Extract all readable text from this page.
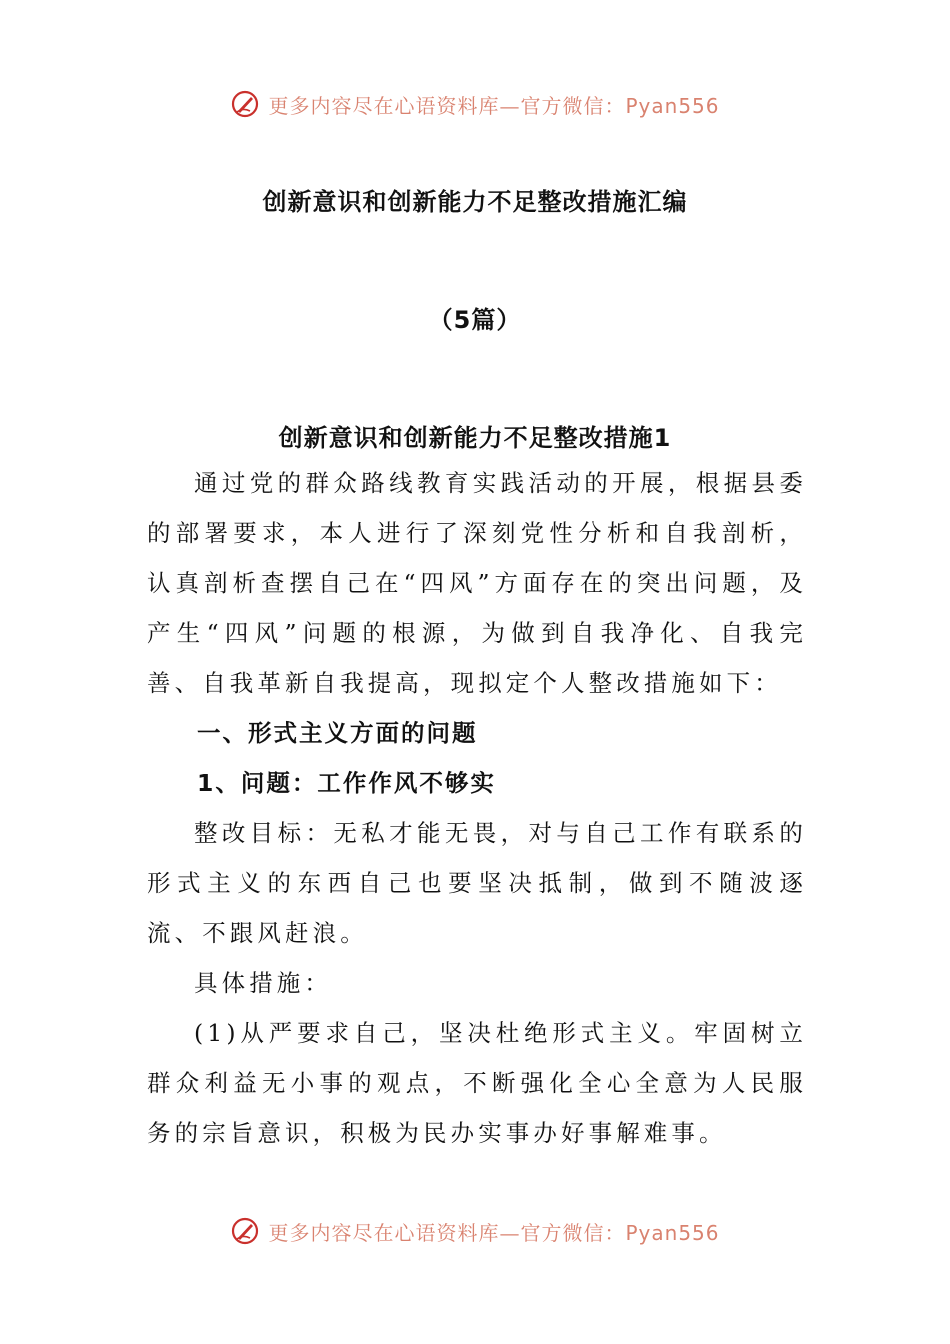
更多内容尽在心语资料库—官方微信：Pyan556
创新意识和创新能力不足整改措施汇编
（5篇）
创新意识和创新能力不足整改措施1

通过党的群众路线教育实践活动的开展，根据县委的部署要求，本人进行了深刻党性分析和自我剖析，认真剖析查摆自己在“四风”方面存在的突出问题，及产生“四风”问题的根源，为做到自我净化、自我完善、自我革新自我提高，现拟定个人整改措施如下：

一、形式主义方面的问题

1、问题：工作作风不够实

整改目标：无私才能无畏，对与自己工作有联系的形式主义的东西自己也要坚决抵制，做到不随波逐流、不跟风赶浪。

具体措施：

(1)从严要求自己，坚决杜绝形式主义。牢固树立群众利益无小事的观点，不断强化全心全意为人民服务的宗旨意识，积极为民办实事办好事解难事。

更多内容尽在心语资料库—官方微信：Pyan556
